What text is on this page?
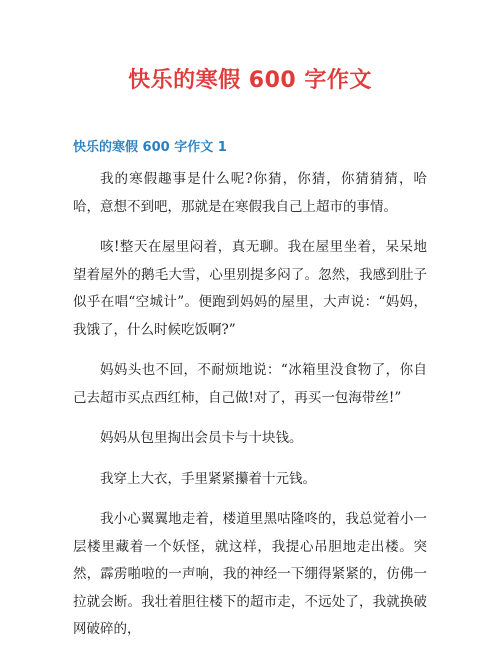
快乐的寒假 600 字作文
快乐的寒假 600 字作文 1

我的寒假趣事是什么呢?你猜，你猜，你猜猜猜，哈哈，意想不到吧，那就是在寒假我自己上超市的事情。

咳!整天在屋里闷着，真无聊。我在屋里坐着，呆呆地望着屋外的鹅毛大雪，心里别提多闷了。忽然，我感到肚子似乎在唱“空城计”。便跑到妈妈的屋里，大声说：“妈妈，我饿了，什么时候吃饭啊?”

妈妈头也不回，不耐烦地说：“冰箱里没食物了，你自己去超市买点西红柿，自己做!对了，再买一包海带丝!”

妈妈从包里掏出会员卡与十块钱。

我穿上大衣，手里紧紧攥着十元钱。

我小心翼翼地走着，楼道里黑咕隆咚的，我总觉着小一层楼里藏着一个妖怪，就这样，我提心吊胆地走出楼。突然，霹雳啪啦的一声响，我的神经一下绷得紧紧的，仿佛一拉就会断。我壮着胆往楼下的超市走，不远处了，我就换破网破碎的，
